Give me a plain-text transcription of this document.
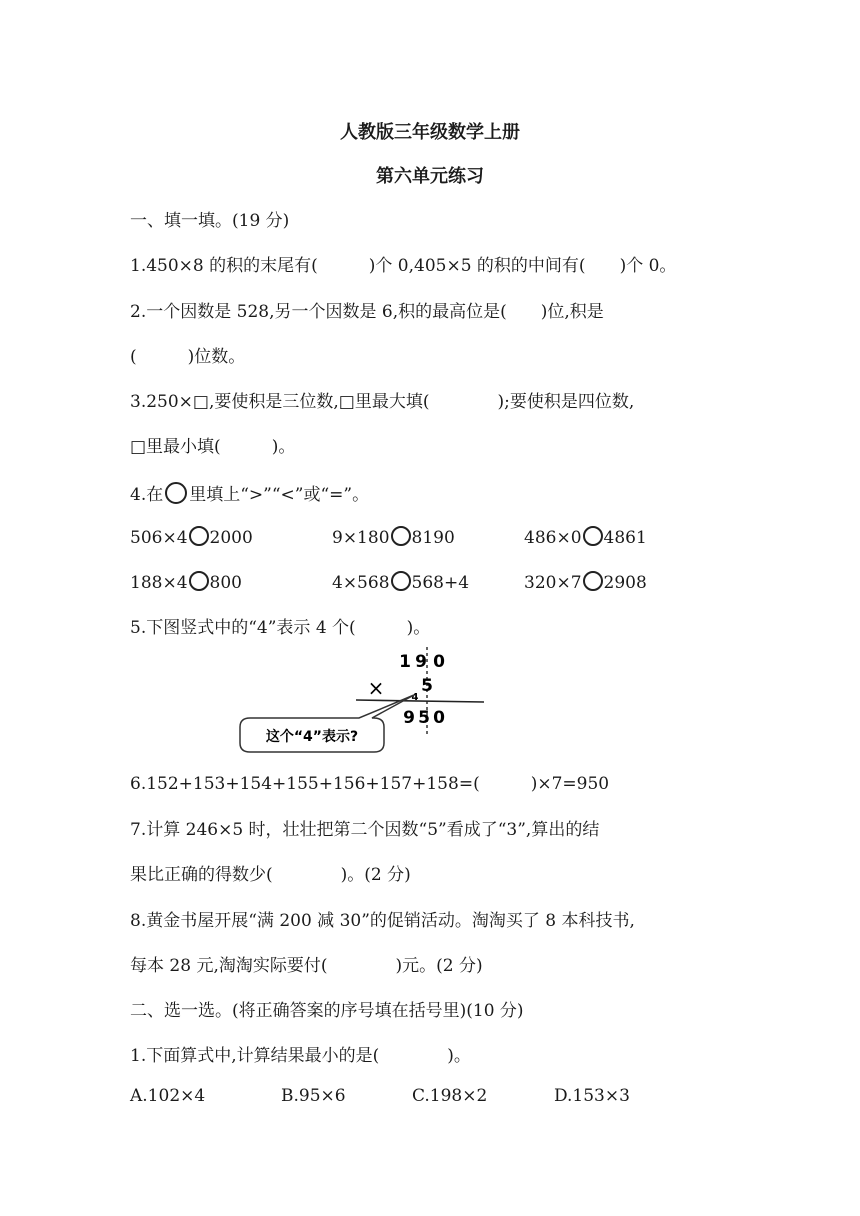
人教版三年级数学上册
第六单元练习
一、填一填。(19 分)
1.450×8 的积的末尾有(　　　)个 0,405×5 的积的中间有(　　)个 0。
2.一个因数是 528,另一个因数是 6,积的最高位是(　　)位,积是
(　　　)位数。
3.250×□,要使积是三位数,□里最大填(　　　　);要使积是四位数,
□里最小填(　　　)。
4.在 里填上“>”“<”或“=”。
506×4 2000	9×180 8190	486×0 4861
188×4 800	4×568 568+4	320×7 2908
5.下图竖式中的“4”表示 4 个(　　　)。
1 9 0
×	4
5
9 5 0
这个“4”表示?
6.152+153+154+155+156+157+158=(　　　)×7=950
7.计算 246×5 时，壮壮把第二个因数“5”看成了“3”,算出的结
果比正确的得数少(　　　　)。(2 分)
8.黄金书屋开展“满 200 减 30”的促销活动。淘淘买了 8 本科技书,
每本 28 元,淘淘实际要付(　　　　)元。(2 分)
二、选一选。(将正确答案的序号填在括号里)(10 分)
1.下面算式中,计算结果最小的是(　　　　)。
A.102×4	B.95×6	C.198×2	D.153×3
